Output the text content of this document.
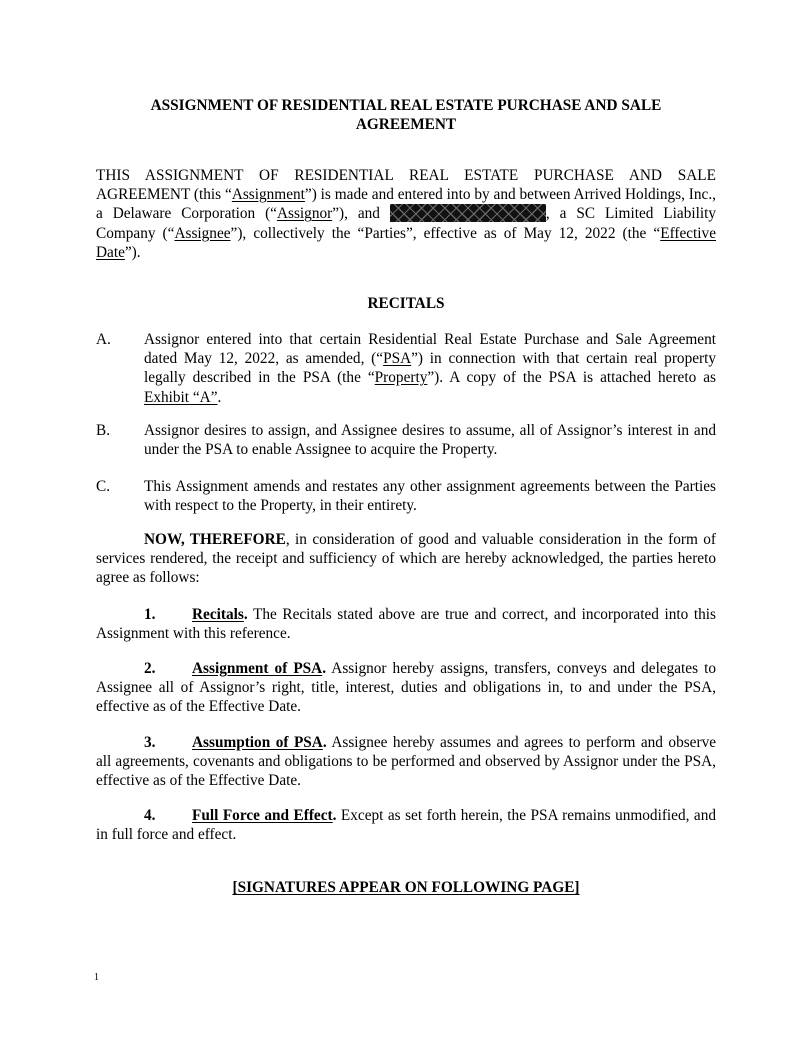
ASSIGNMENT OF RESIDENTIAL REAL ESTATE PURCHASE AND SALE
AGREEMENT
THIS ASSIGNMENT OF RESIDENTIAL REAL ESTATE PURCHASE AND SALE AGREEMENT (this “Assignment”) is made and entered into by and between Arrived Holdings, Inc., a Delaware Corporation (“Assignor”), and	, a SC Limited Liability Company (“Assignee”), collectively the “Parties”, effective as of May 12, 2022 (the “Effective Date”).
RECITALS
A.	Assignor entered into that certain Residential Real Estate Purchase and Sale Agreement dated May 12, 2022, as amended, (“PSA”) in connection with that certain real property legally described in the PSA (the “Property”). A copy of the PSA is attached hereto as Exhibit “A”.
B.	Assignor desires to assign, and Assignee desires to assume, all of Assignor’s interest in and under the PSA to enable Assignee to acquire the Property.
C.	This Assignment amends and restates any other assignment agreements between the Parties with respect to the Property, in their entirety.
NOW, THEREFORE, in consideration of good and valuable consideration in the form of services rendered, the receipt and sufficiency of which are hereby acknowledged, the parties hereto agree as follows:
1. Recitals. The Recitals stated above are true and correct, and incorporated into this Assignment with this reference.
2. Assignment of PSA. Assignor hereby assigns, transfers, conveys and delegates to Assignee all of Assignor’s right, title, interest, duties and obligations in, to and under the PSA, effective as of the Effective Date.
3. Assumption of PSA. Assignee hereby assumes and agrees to perform and observe all agreements, covenants and obligations to be performed and observed by Assignor under the PSA, effective as of the Effective Date.
4. Full Force and Effect. Except as set forth herein, the PSA remains unmodified, and in full force and effect.
[SIGNATURES APPEAR ON FOLLOWING PAGE]
1
